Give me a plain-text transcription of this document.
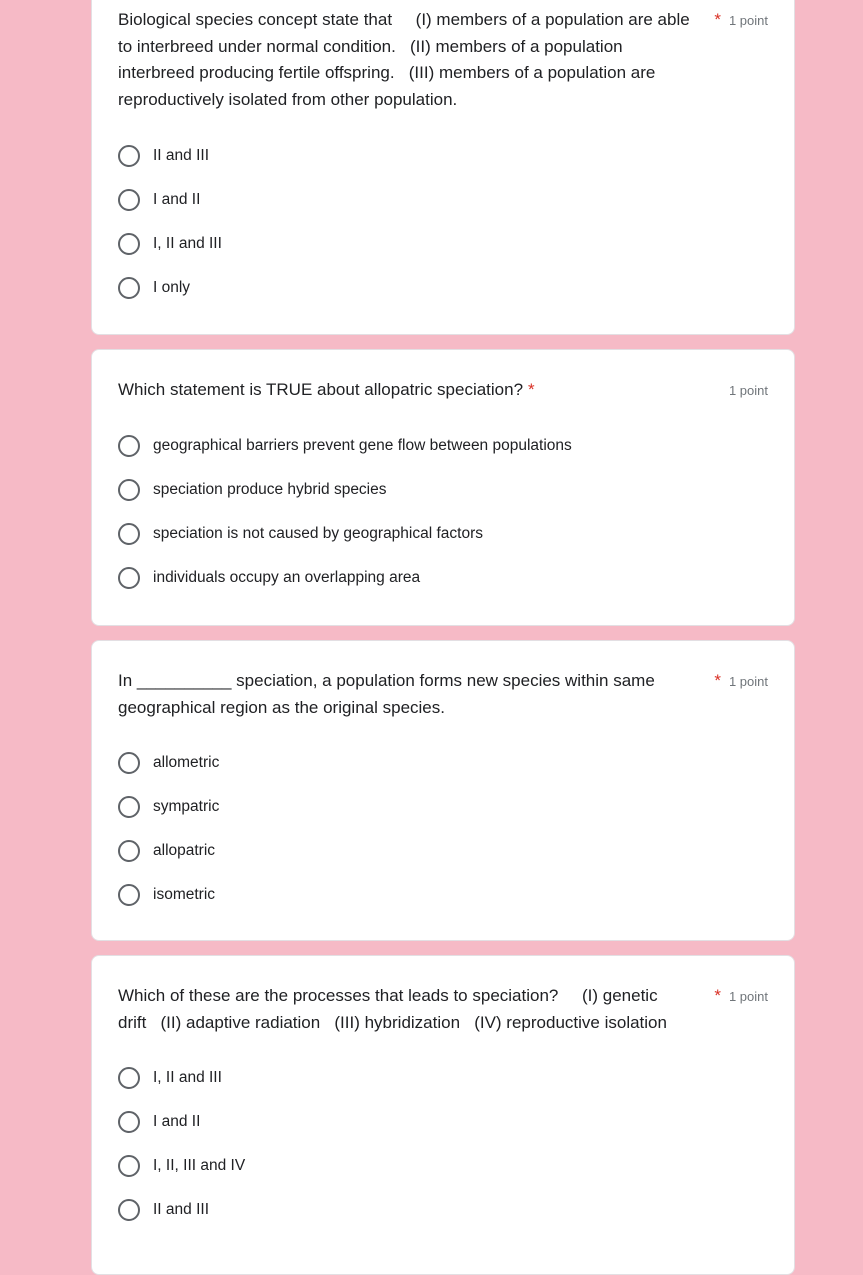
Biological species concept state that     (I) members of a population are able to interbreed under normal condition.   (II) members of a population interbreed producing fertile offspring.   (III) members of a population are reproductively isolated from other population.
* 1 point
II and III
I and II
I, II and III
I only
Which statement is TRUE about allopatric speciation? *	1 point
geographical barriers prevent gene flow between populations
speciation produce hybrid species
speciation is not caused by geographical factors
individuals occupy an overlapping area
In __________ speciation, a population forms new species within same geographical region as the original species.
* 1 point
allometric
sympatric
allopatric
isometric
Which of these are the processes that leads to speciation?     (I) genetic drift   (II) adaptive radiation   (III) hybridization   (IV) reproductive isolation
* 1 point
I, II and III
I and II
I, II, III and IV
II and III
